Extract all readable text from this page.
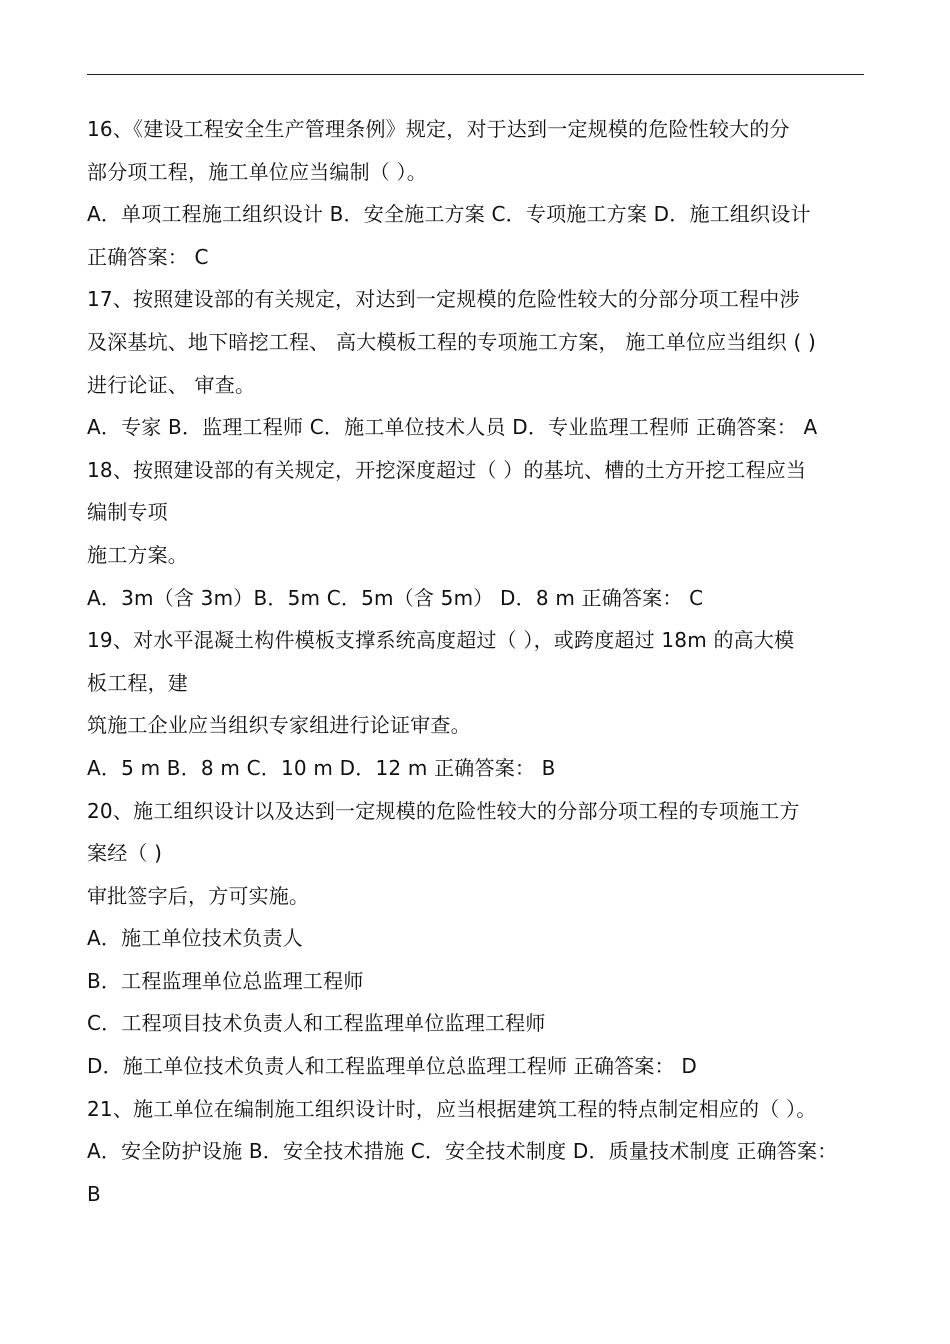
16、《建设工程安全生产管理条例》规定，对于达到一定规模的危险性较大的分
部分项工程，施工单位应当编制（ ）。
A．单项工程施工组织设计 B．安全施工方案 C．专项施工方案 D．施工组织设计
正确答案： C
17、按照建设部的有关规定，对达到一定规模的危险性较大的分部分项工程中涉
及深基坑、地下暗挖工程、 高大模板工程的专项施工方案， 施工单位应当组织 ( )
进行论证、 审查。
A．专家 B．监理工程师 C．施工单位技术人员 D．专业监理工程师 正确答案： A
18、按照建设部的有关规定，开挖深度超过（ ）的基坑、槽的土方开挖工程应当
编制专项
施工方案。
A．3m（含 3m）B．5m C．5m（含 5m） D．8 m 正确答案： C
19、对水平混凝土构件模板支撑系统高度超过（ ），或跨度超过 18m 的高大模
板工程，建
筑施工企业应当组织专家组进行论证审查。
A．5 m B．8 m C．10 m D．12 m 正确答案： B
20、施工组织设计以及达到一定规模的危险性较大的分部分项工程的专项施工方
案经（ )
审批签字后，方可实施。
A．施工单位技术负责人
B．工程监理单位总监理工程师
C．工程项目技术负责人和工程监理单位监理工程师
D．施工单位技术负责人和工程监理单位总监理工程师 正确答案： D
21、施工单位在编制施工组织设计时，应当根据建筑工程的特点制定相应的（ ）。
A．安全防护设施 B．安全技术措施 C．安全技术制度 D．质量技术制度 正确答案：
B
